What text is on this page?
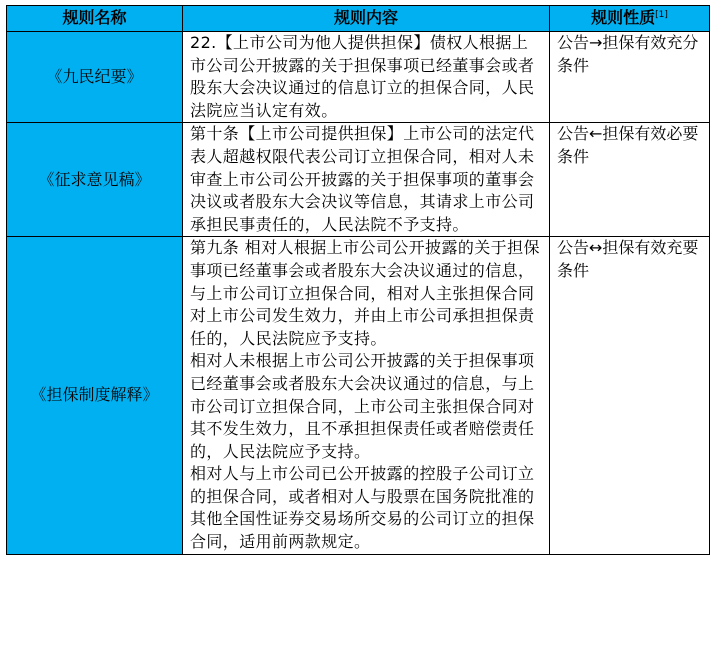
规则名称	规则内容	规则性质[1]
《九民纪要》	22.【上市公司为他人提供担保】债权人根据上市公司公开披露的关于担保事项已经董事会或者股东大会决议通过的信息订立的担保合同，人民法院应当认定有效。	公告→担保有效充分条件
《征求意见稿》	第十条【上市公司提供担保】上市公司的法定代表人超越权限代表公司订立担保合同，相对人未审查上市公司公开披露的关于担保事项的董事会决议或者股东大会决议等信息，其请求上市公司承担民事责任的，人民法院不予支持。	公告←担保有效必要条件
《担保制度解释》	第九条 相对人根据上市公司公开披露的关于担保事项已经董事会或者股东大会决议通过的信息，与上市公司订立担保合同，相对人主张担保合同对上市公司发生效力，并由上市公司承担担保责任的，人民法院应予支持。
相对人未根据上市公司公开披露的关于担保事项已经董事会或者股东大会决议通过的信息，与上市公司订立担保合同，上市公司主张担保合同对其不发生效力，且不承担担保责任或者赔偿责任的，人民法院应予支持。
相对人与上市公司已公开披露的控股子公司订立的担保合同，或者相对人与股票在国务院批准的其他全国性证券交易场所交易的公司订立的担保合同，适用前两款规定。	公告↔担保有效充要条件
